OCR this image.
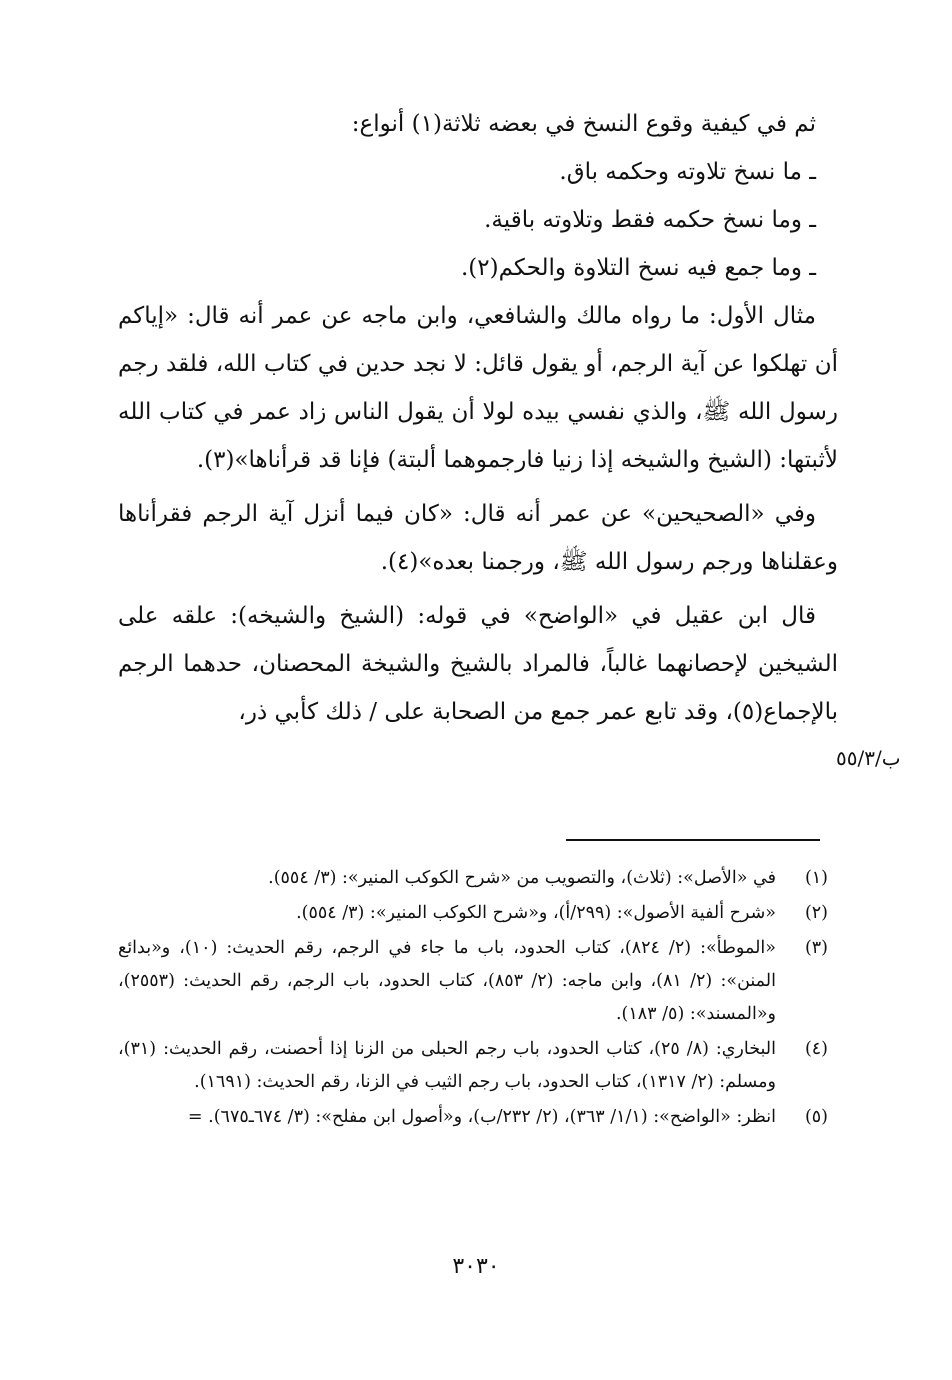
ثم في كيفية وقوع النسخ في بعضه ثلاثة(١) أنواع:

ـ ما نسخ تلاوته وحكمه باق.

ـ وما نسخ حكمه فقط وتلاوته باقية.

ـ وما جمع فيه نسخ التلاوة والحكم(٢).

مثال الأول: ما رواه مالك والشافعي، وابن ماجه عن عمر أنه قال: «إياكم أن تهلكوا عن آية الرجم، أو يقول قائل: لا نجد حدين في كتاب الله، فلقد رجم رسول الله ﷺ، والذي نفسي بيده لولا أن يقول الناس زاد عمر في كتاب الله لأثبتها: (الشيخ والشيخه إذا زنيا فارجموهما ألبتة) فإنا قد قرأناها»(٣).

وفي «الصحيحين» عن عمر أنه قال: «كان فيما أنزل آية الرجم فقرأناها وعقلناها ورجم رسول الله ﷺ، ورجمنا بعده»(٤).

قال ابن عقيل في «الواضح» في قوله: (الشيخ والشيخه): علقه على الشيخين لإحصانهما غالباً، فالمراد بالشيخ والشيخة المحصنان، حدهما الرجم بالإجماع(٥)، وقد تابع عمر جمع من الصحابة على / ذلك كأبي ذر،

ب/٥٥/٣
(١)
في «الأصل»: (ثلاث)، والتصويب من «شرح الكوكب المنير»: (٣/ ٥٥٤).
(٢)
«شرح ألفية الأصول»: (٢٩٩/أ)، و«شرح الكوكب المنير»: (٣/ ٥٥٤).
(٣)
«الموطأ»: (٢/ ٨٢٤)، كتاب الحدود، باب ما جاء في الرجم، رقم الحديث: (١٠)، و«بدائع المنن»: (٢/ ٨١)، وابن ماجه: (٢/ ٨٥٣)، كتاب الحدود، باب الرجم، رقم الحديث: (٢٥٥٣)، و«المسند»: (٥/ ١٨٣).
(٤)
البخاري: (٨/ ٢٥)، كتاب الحدود، باب رجم الحبلى من الزنا إذا أحصنت، رقم الحديث: (٣١)، ومسلم: (٢/ ١٣١٧)، كتاب الحدود، باب رجم الثيب في الزنا، رقم الحديث: (١٦٩١).
(٥)
انظر: «الواضح»: (١/١/ ٣٦٣)، (٢/ ٢٣٢/ب)، و«أصول ابن مفلح»: (٣/ ٦٧٤ـ٦٧٥). =
٣٠٣٠
